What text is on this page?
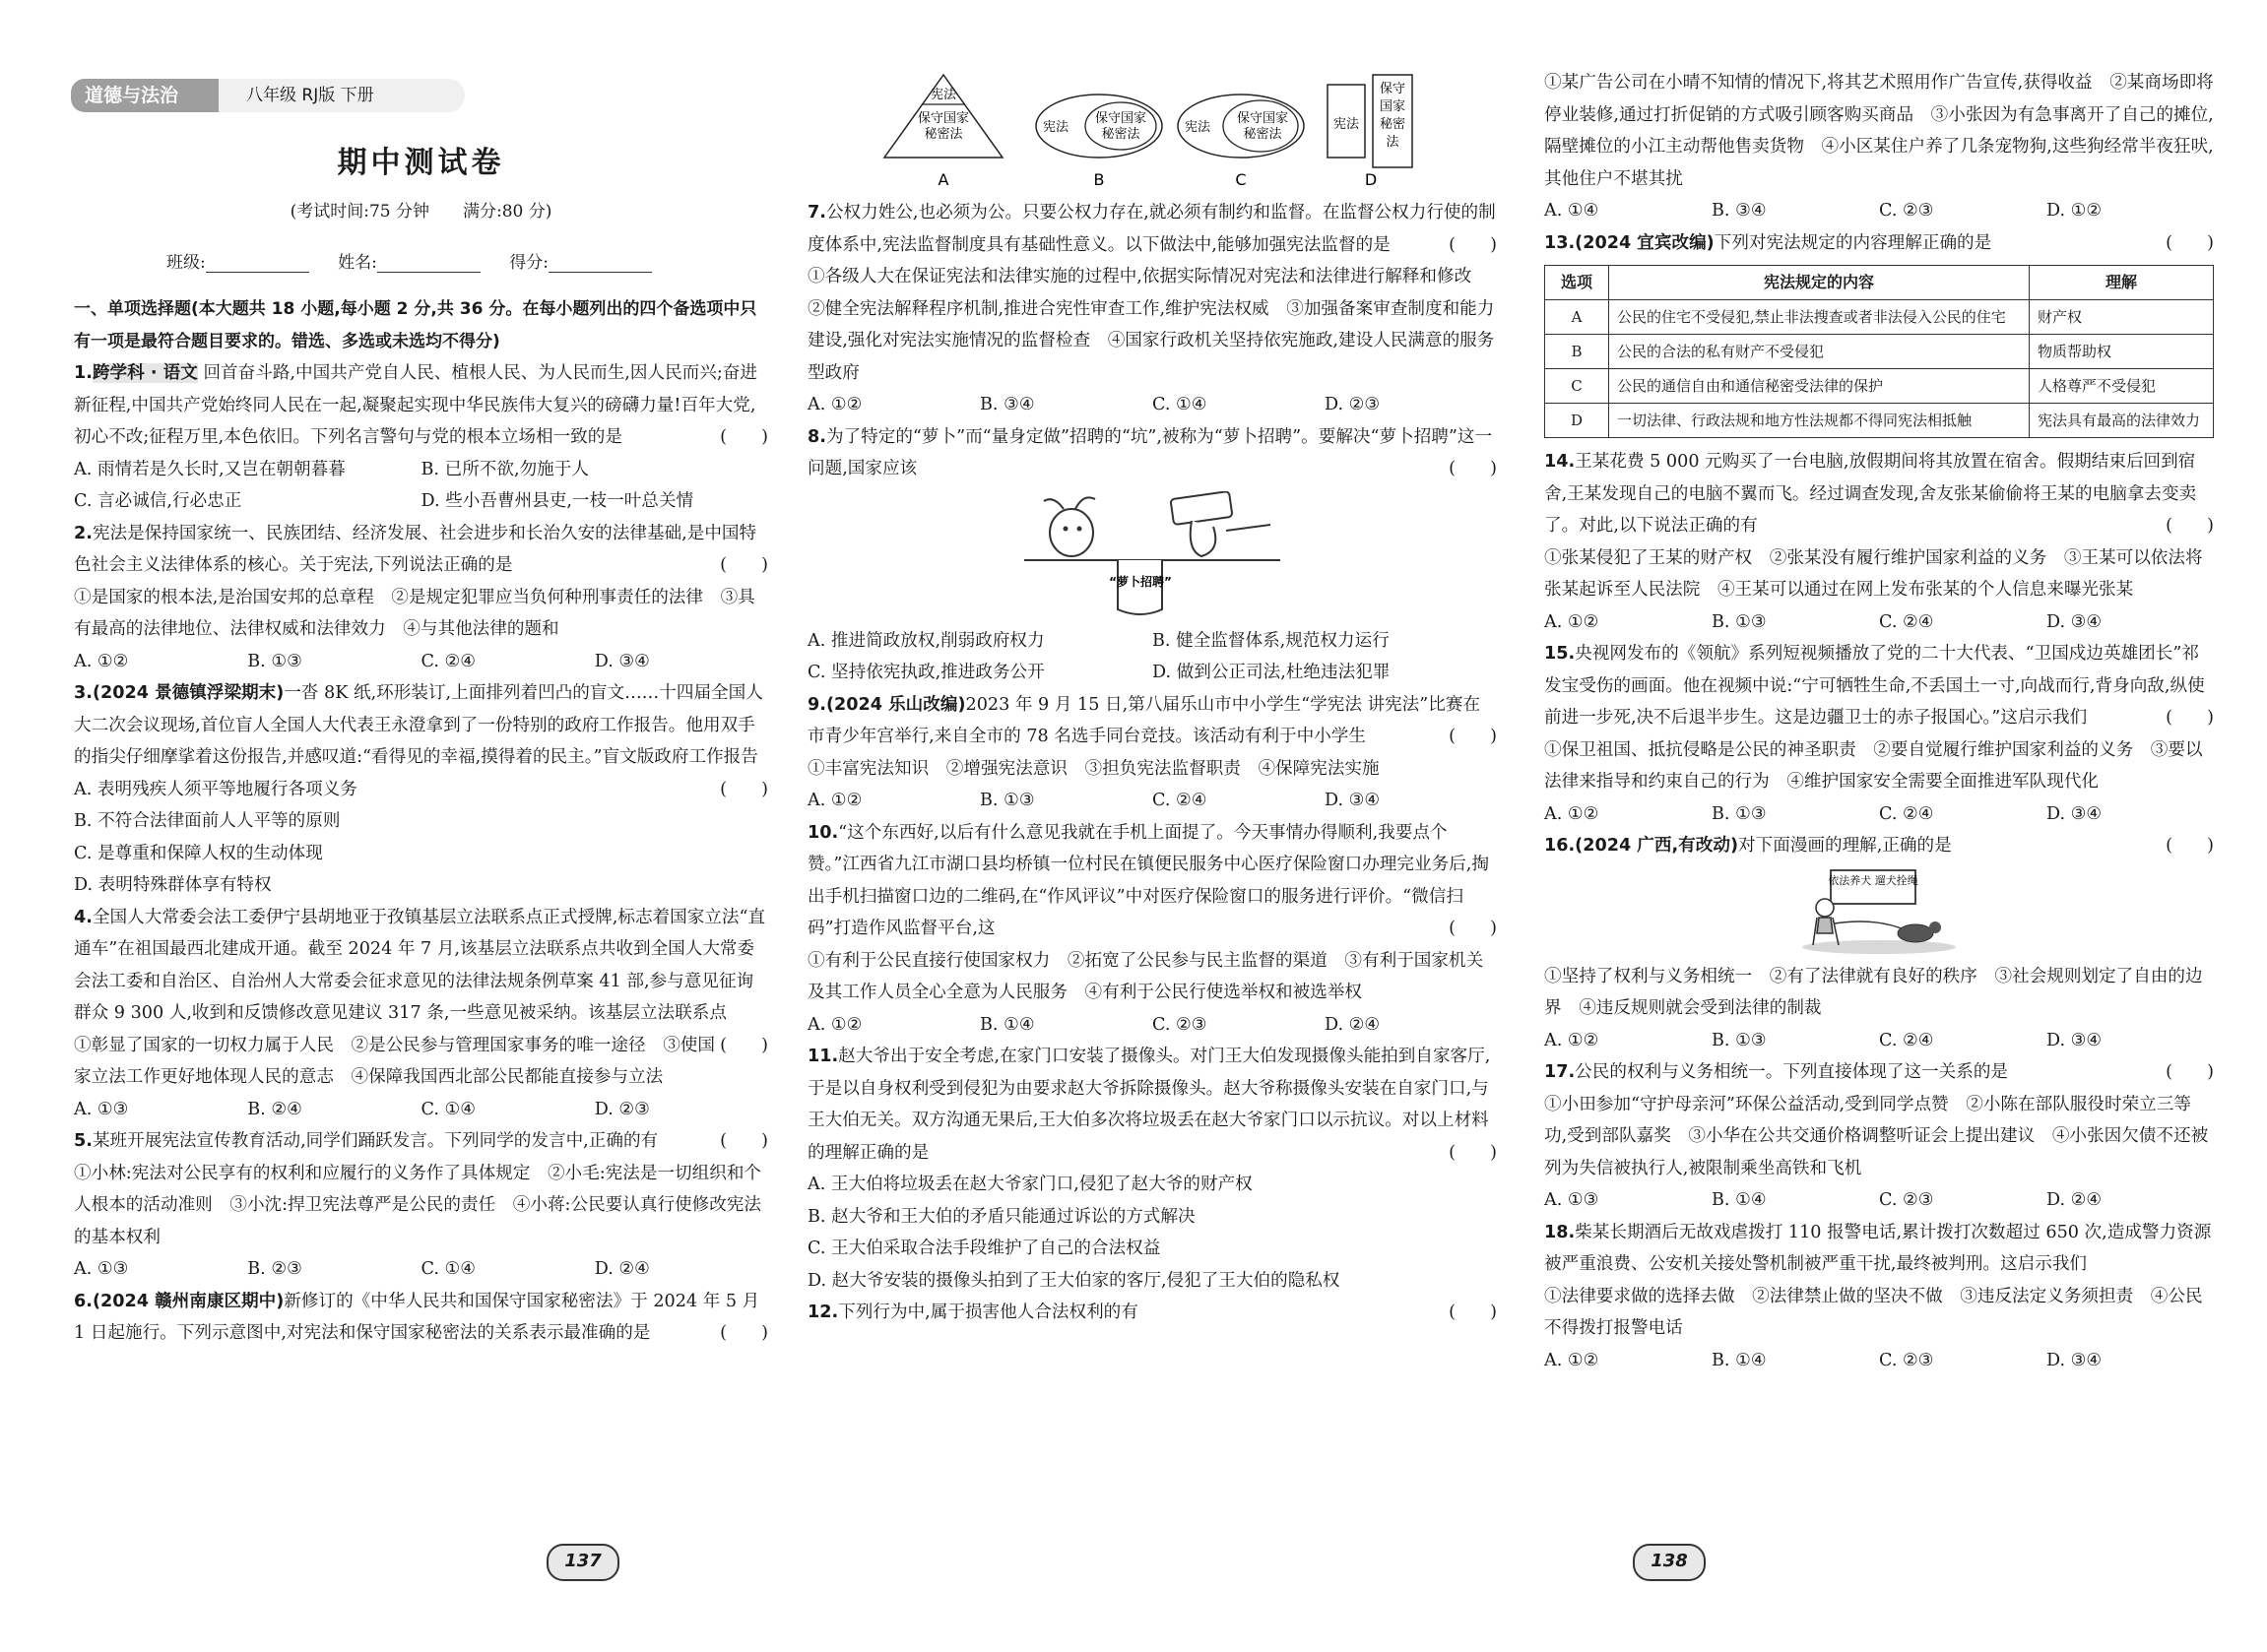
道德与法治	八年级 RJ版 下册
期中测试卷
(考试时间:75 分钟　　满分:80 分)
班级:	姓名:	得分:

一、单项选择题(本大题共 18 小题,每小题 2 分,共 36 分。在每小题列出的四个备选项中只有一项是最符合题目要求的。错选、多选或未选均不得分)

1.跨学科 · 语文 回首奋斗路,中国共产党自人民、植根人民、为人民而生,因人民而兴;奋进新征程,中国共产党始终同人民在一起,凝聚起实现中华民族伟大复兴的磅礴力量!百年大党,初心不改;征程万里,本色依旧。下列名言警句与党的根本立场相一致的是	(　　)

A. 雨情若是久长时,又岂在朝朝暮暮	B. 已所不欲,勿施于人
C. 言必诚信,行必忠正	D. 些小吾曹州县吏,一枝一叶总关情

2.宪法是保持国家统一、民族团结、经济发展、社会进步和长治久安的法律基础,是中国特色社会主义法律体系的核心。关于宪法,下列说法正确的是	(　　)

①是国家的根本法,是治国安邦的总章程　②是规定犯罪应当负何种刑事责任的法律　③具有最高的法律地位、法律权威和法律效力　④与其他法律的题和

A. ①②	B. ①③	C. ②④	D. ③④

3.(2024 景德镇浮梁期末)一沓 8K 纸,环形装订,上面排列着凹凸的盲文……十四届全国人大二次会议现场,首位盲人全国人大代表王永澄拿到了一份特别的政府工作报告。他用双手的指尖仔细摩挲着这份报告,并感叹道:“看得见的幸福,摸得着的民主。”盲文版政府工作报告
(　　)

A. 表明残疾人须平等地履行各项义务

B. 不符合法律面前人人平等的原则

C. 是尊重和保障人权的生动体现

D. 表明特殊群体享有特权

4.全国人大常委会法工委伊宁县胡地亚于孜镇基层立法联系点正式授牌,标志着国家立法“直通车”在祖国最西北建成开通。截至 2024 年 7 月,该基层立法联系点共收到全国人大常委会法工委和自治区、自治州人大常委会征求意见的法律法规条例草案 41 部,参与意见征询群众 9 300 人,收到和反馈修改意见建议 317 条,一些意见被采纳。该基层立法联系点
(　　)

①彰显了国家的一切权力属于人民　②是公民参与管理国家事务的唯一途径　③使国家立法工作更好地体现人民的意志　④保障我国西北部公民都能直接参与立法

A. ①③	B. ②④	C. ①④	D. ②③

5.某班开展宪法宣传教育活动,同学们踊跃发言。下列同学的发言中,正确的有	(　　)

①小林:宪法对公民享有的权利和应履行的义务作了具体规定　②小毛:宪法是一切组织和个人根本的活动准则　③小沈:捍卫宪法尊严是公民的责任　④小蒋:公民要认真行使修改宪法的基本权利

A. ①③	B. ②③	C. ①④	D. ②④

6.(2024 赣州南康区期中)新修订的《中华人民共和国保守国家秘密法》于 2024 年 5 月 1 日起施行。下列示意图中,对宪法和保守国家秘密法的关系表示最准确的是	(　　)

宪法
保守国家
秘密法
A
宪法
保守国家
秘密法
B
宪法
保守国家
秘密法
C
宪法
保守
国家
秘密
法
D

7.公权力姓公,也必须为公。只要公权力存在,就必须有制约和监督。在监督公权力行使的制度体系中,宪法监督制度具有基础性意义。以下做法中,能够加强宪法监督的是	(　　)

①各级人大在保证宪法和法律实施的过程中,依据实际情况对宪法和法律进行解释和修改　②健全宪法解释程序机制,推进合宪性审查工作,维护宪法权威　③加强备案审查制度和能力建设,强化对宪法实施情况的监督检查　④国家行政机关坚持依宪施政,建设人民满意的服务型政府

A. ①②	B. ③④	C. ①④	D. ②③

8.为了特定的“萝卜”而“量身定做”招聘的“坑”,被称为“萝卜招聘”。要解决“萝卜招聘”这一问题,国家应该	(　　)

“萝卜招聘”
A. 推进简政放权,削弱政府权力	B. 健全监督体系,规范权力运行
C. 坚持依宪执政,推进政务公开	D. 做到公正司法,杜绝违法犯罪

9.(2024 乐山改编)2023 年 9 月 15 日,第八届乐山市中小学生“学宪法 讲宪法”比赛在市青少年宫举行,来自全市的 78 名选手同台竞技。该活动有利于中小学生	(　　)

①丰富宪法知识　②增强宪法意识　③担负宪法监督职责　④保障宪法实施

A. ①②	B. ①③	C. ②④	D. ③④

10.“这个东西好,以后有什么意见我就在手机上面提了。今天事情办得顺利,我要点个赞。”江西省九江市湖口县均桥镇一位村民在镇便民服务中心医疗保险窗口办理完业务后,掏出手机扫描窗口边的二维码,在“作风评议”中对医疗保险窗口的服务进行评价。“微信扫码”打造作风监督平台,这	(　　)

①有利于公民直接行使国家权力　②拓宽了公民参与民主监督的渠道　③有利于国家机关及其工作人员全心全意为人民服务　④有利于公民行使选举权和被选举权

A. ①②	B. ①④	C. ②③	D. ②④

11.赵大爷出于安全考虑,在家门口安装了摄像头。对门王大伯发现摄像头能拍到自家客厅,于是以自身权利受到侵犯为由要求赵大爷拆除摄像头。赵大爷称摄像头安装在自家门口,与王大伯无关。双方沟通无果后,王大伯多次将垃圾丢在赵大爷家门口以示抗议。对以上材料的理解正确的是	(　　)

A. 王大伯将垃圾丢在赵大爷家门口,侵犯了赵大爷的财产权

B. 赵大爷和王大伯的矛盾只能通过诉讼的方式解决

C. 王大伯采取合法手段维护了自己的合法权益

D. 赵大爷安装的摄像头拍到了王大伯家的客厅,侵犯了王大伯的隐私权

12.下列行为中,属于损害他人合法权利的有	(　　)

①某广告公司在小晴不知情的情况下,将其艺术照用作广告宣传,获得收益　②某商场即将停业装修,通过打折促销的方式吸引顾客购买商品　③小张因为有急事离开了自己的摊位,隔壁摊位的小江主动帮他售卖货物　④小区某住户养了几条宠物狗,这些狗经常半夜狂吠,其他住户不堪其扰

A. ①④	B. ③④	C. ②③	D. ①②

13.(2024 宜宾改编)下列对宪法规定的内容理解正确的是	(　　)

选项	宪法规定的内容	理解
A	公民的住宅不受侵犯,禁止非法搜查或者非法侵入公民的住宅	财产权
B	公民的合法的私有财产不受侵犯	物质帮助权
C	公民的通信自由和通信秘密受法律的保护	人格尊严不受侵犯
D	一切法律、行政法规和地方性法规都不得同宪法相抵触	宪法具有最高的法律效力

14.王某花费 5 000 元购买了一台电脑,放假期间将其放置在宿舍。假期结束后回到宿舍,王某发现自己的电脑不翼而飞。经过调查发现,舍友张某偷偷将王某的电脑拿去变卖了。对此,以下说法正确的有	(　　)

①张某侵犯了王某的财产权　②张某没有履行维护国家利益的义务　③王某可以依法将张某起诉至人民法院　④王某可以通过在网上发布张某的个人信息来曝光张某

A. ①②	B. ①③	C. ②④	D. ③④

15.央视网发布的《领航》系列短视频播放了党的二十大代表、“卫国戍边英雄团长”祁发宝受伤的画面。他在视频中说:“宁可牺牲生命,不丢国土一寸,向战而行,背身向敌,纵使前进一步死,决不后退半步生。这是边疆卫士的赤子报国心。”这启示我们	(　　)

①保卫祖国、抵抗侵略是公民的神圣职责　②要自觉履行维护国家利益的义务　③要以法律来指导和约束自己的行为　④维护国家安全需要全面推进军队现代化

A. ①②	B. ①③	C. ②④	D. ③④

16.(2024 广西,有改动)对下面漫画的理解,正确的是	(　　)

依法养犬 遛犬拴绳

①坚持了权利与义务相统一　②有了法律就有良好的秩序　③社会规则划定了自由的边界　④违反规则就会受到法律的制裁

A. ①②	B. ①③	C. ②④	D. ③④

17.公民的权利与义务相统一。下列直接体现了这一关系的是	(　　)

①小田参加“守护母亲河”环保公益活动,受到同学点赞　②小陈在部队服役时荣立三等功,受到部队嘉奖　③小华在公共交通价格调整听证会上提出建议　④小张因欠债不还被列为失信被执行人,被限制乘坐高铁和飞机

A. ①③	B. ①④	C. ②③	D. ②④

18.柴某长期酒后无故戏虐拨打 110 报警电话,累计拨打次数超过 650 次,造成警力资源被严重浪费、公安机关接处警机制被严重干扰,最终被判刑。这启示我们

①法律要求做的选择去做　②法律禁止做的坚决不做　③违反法定义务须担责　④公民不得拨打报警电话

A. ①②	B. ①④	C. ②③	D. ③④
137	138
